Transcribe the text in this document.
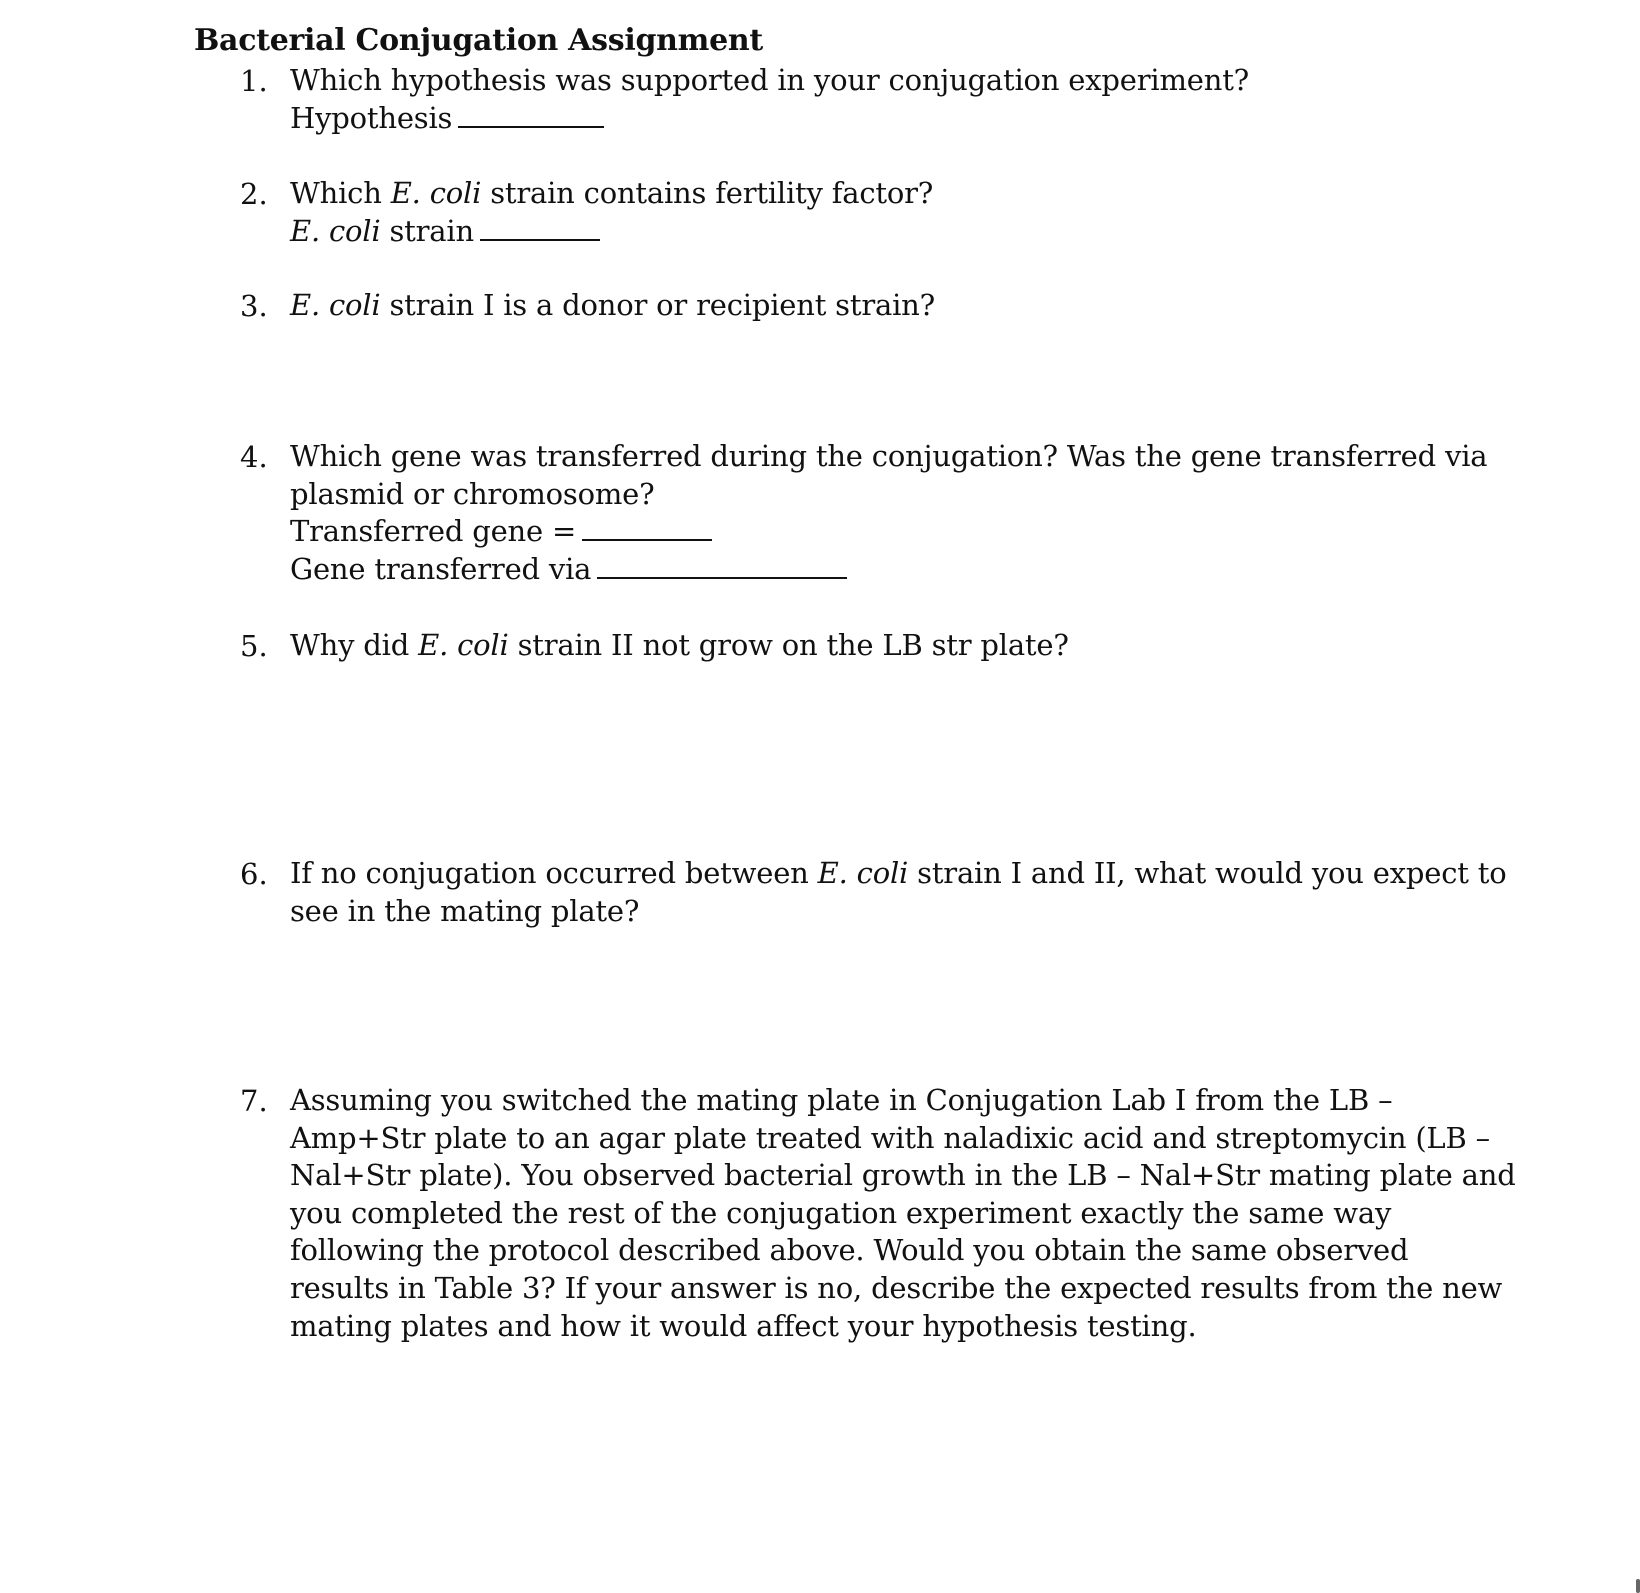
Bacterial Conjugation Assignment
1. Which hypothesis was supported in your conjugation experiment?
Hypothesis
2. Which E. coli strain contains fertility factor?
E. coli strain
3. E. coli strain I is a donor or recipient strain?
4. Which gene was transferred during the conjugation? Was the gene transferred via
plasmid or chromosome?
Transferred gene =
Gene transferred via
5. Why did E. coli strain II not grow on the LB str plate?
6. If no conjugation occurred between E. coli strain I and II, what would you expect to
see in the mating plate?
7. Assuming you switched the mating plate in Conjugation Lab I from the LB –
Amp+Str plate to an agar plate treated with naladixic acid and streptomycin (LB –
Nal+Str plate). You observed bacterial growth in the LB – Nal+Str mating plate and
you completed the rest of the conjugation experiment exactly the same way
following the protocol described above. Would you obtain the same observed
results in Table 3? If your answer is no, describe the expected results from the new
mating plates and how it would affect your hypothesis testing.
